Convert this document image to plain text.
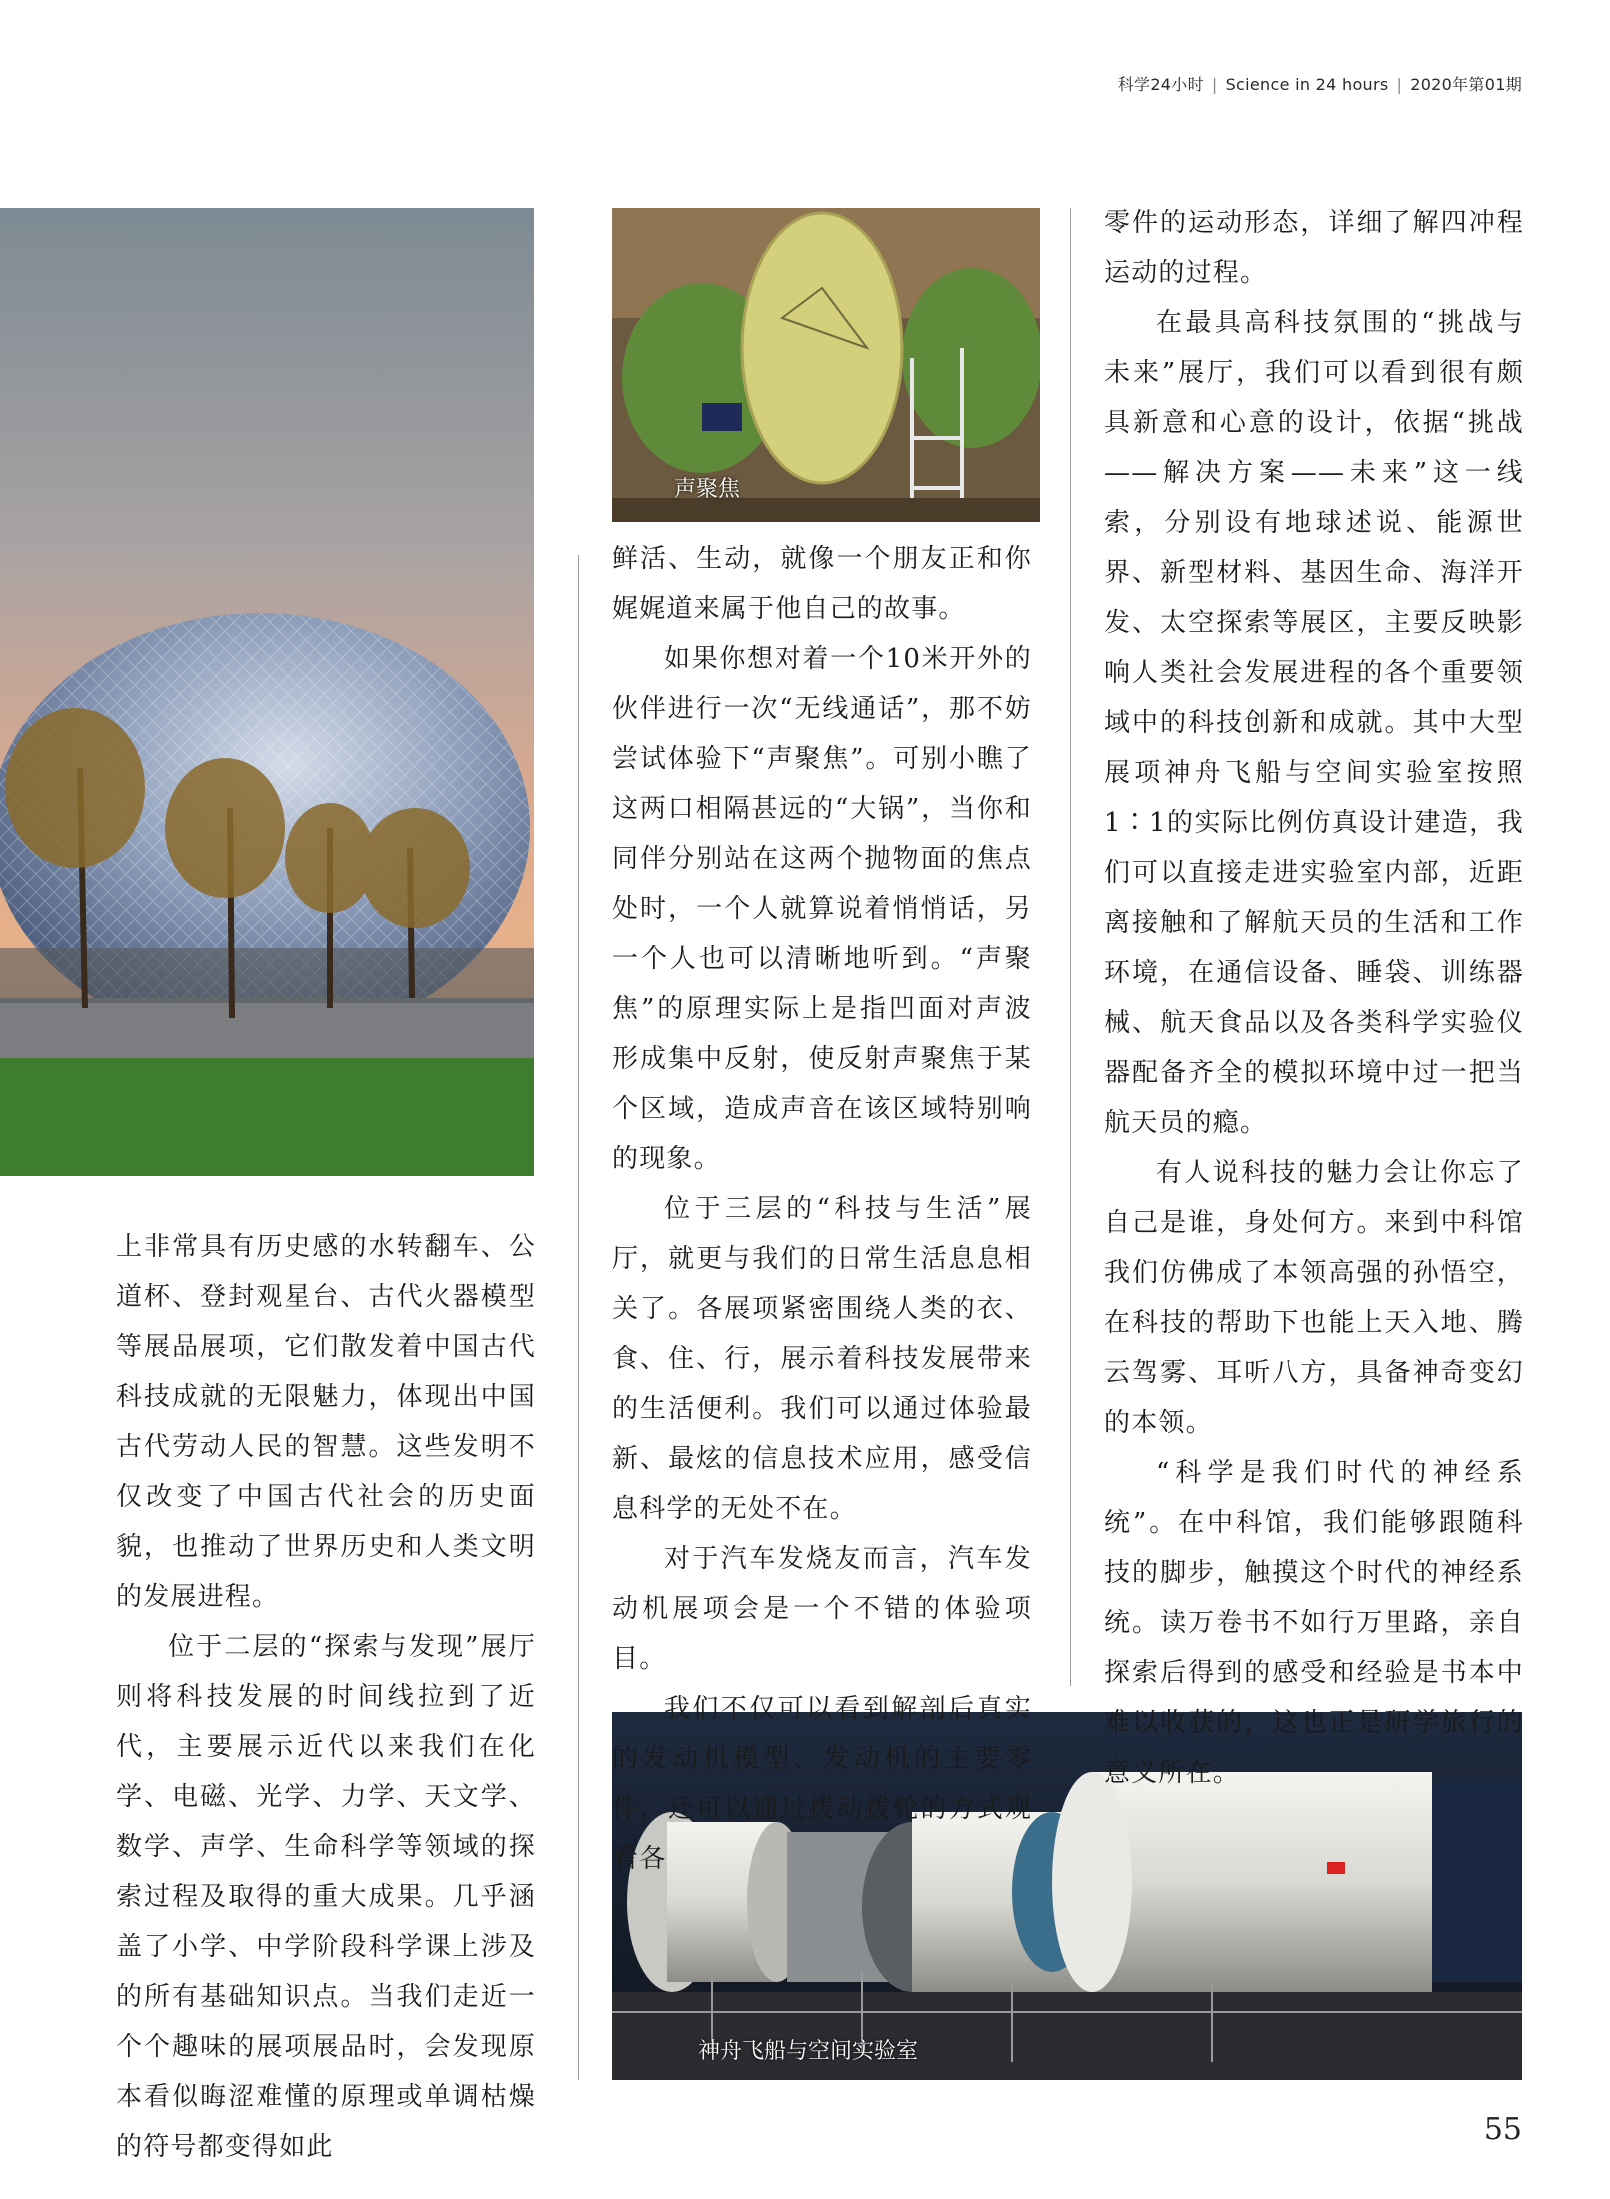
科学24小时 | Science in 24 hours | 2020年第01期
声聚焦
神舟飞船与空间实验室

上非常具有历史感的水转翻车、公道杯、登封观星台、古代火器模型等展品展项，它们散发着中国古代科技成就的无限魅力，体现出中国古代劳动人民的智慧。这些发明不仅改变了中国古代社会的历史面貌，也推动了世界历史和人类文明的发展进程。

位于二层的“探索与发现”展厅则将科技发展的时间线拉到了近代，主要展示近代以来我们在化学、电磁、光学、力学、天文学、数学、声学、生命科学等领域的探索过程及取得的重大成果。几乎涵盖了小学、中学阶段科学课上涉及的所有基础知识点。当我们走近一个个趣味的展项展品时，会发现原本看似晦涩难懂的原理或单调枯燥的符号都变得如此

鲜活、生动，就像一个朋友正和你娓娓道来属于他自己的故事。

如果你想对着一个10米开外的伙伴进行一次“无线通话”，那不妨尝试体验下“声聚焦”。可别小瞧了这两口相隔甚远的“大锅”，当你和同伴分别站在这两个抛物面的焦点处时，一个人就算说着悄悄话，另一个人也可以清晰地听到。“声聚焦”的原理实际上是指凹面对声波形成集中反射，使反射声聚焦于某个区域，造成声音在该区域特别响的现象。

位于三层的“科技与生活”展厅，就更与我们的日常生活息息相关了。各展项紧密围绕人类的衣、食、住、行，展示着科技发展带来的生活便利。我们可以通过体验最新、最炫的信息技术应用，感受信息科学的无处不在。

对于汽车发烧友而言，汽车发动机展项会是一个不错的体验项目。

我们不仅可以看到解剖后真实的发动机模型、发动机的主要零件，还可以通过拨动拨轮的方式观看各

零件的运动形态，详细了解四冲程运动的过程。

在最具高科技氛围的“挑战与未来”展厅，我们可以看到很有颇具新意和心意的设计，依据“挑战——解决方案——未来”这一线索，分别设有地球述说、能源世界、新型材料、基因生命、海洋开发、太空探索等展区，主要反映影响人类社会发展进程的各个重要领域中的科技创新和成就。其中大型展项神舟飞船与空间实验室按照1∶1的实际比例仿真设计建造，我们可以直接走进实验室内部，近距离接触和了解航天员的生活和工作环境，在通信设备、睡袋、训练器械、航天食品以及各类科学实验仪器配备齐全的模拟环境中过一把当航天员的瘾。

有人说科技的魅力会让你忘了自己是谁，身处何方。来到中科馆我们仿佛成了本领高强的孙悟空，在科技的帮助下也能上天入地、腾云驾雾、耳听八方，具备神奇变幻的本领。

“科学是我们时代的神经系统”。在中科馆，我们能够跟随科技的脚步，触摸这个时代的神经系统。读万卷书不如行万里路，亲自探索后得到的感受和经验是书本中难以收获的，这也正是研学旅行的意义所在。

55
